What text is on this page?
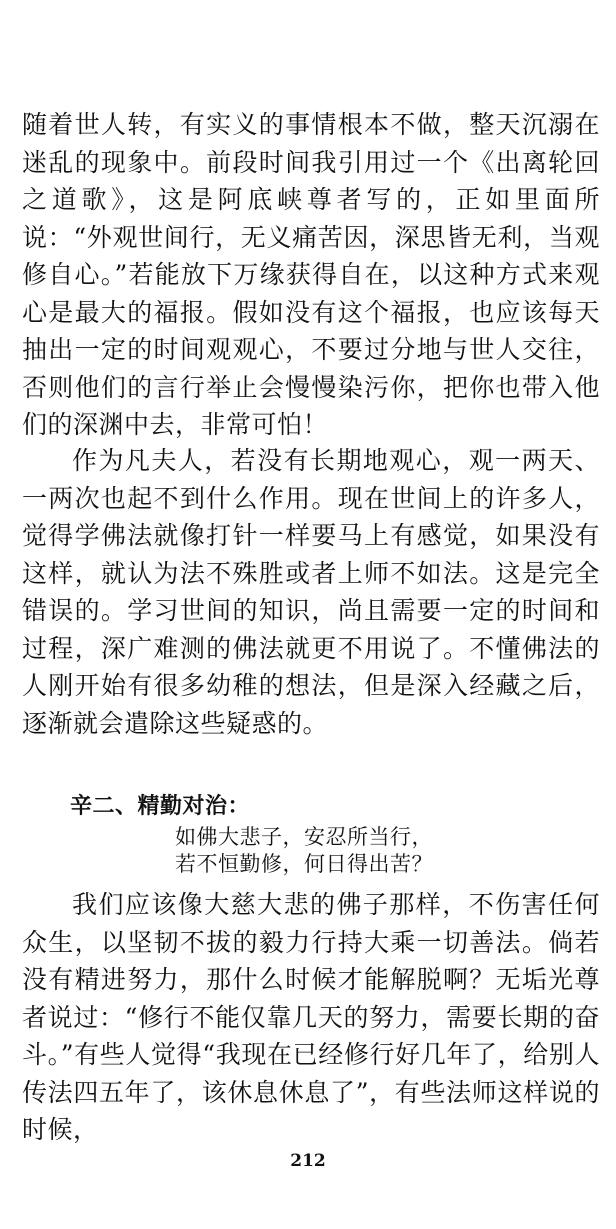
随着世人转，有实义的事情根本不做，整天沉溺在迷乱的现象中。前段时间我引用过一个《出离轮回之道歌》，这是阿底峡尊者写的，正如里面所说：“外观世间行，无义痛苦因，深思皆无利，当观修自心。”若能放下万缘获得自在，以这种方式来观心是最大的福报。假如没有这个福报，也应该每天抽出一定的时间观观心，不要过分地与世人交往，否则他们的言行举止会慢慢染污你，把你也带入他们的深渊中去，非常可怕！

作为凡夫人，若没有长期地观心，观一两天、一两次也起不到什么作用。现在世间上的许多人，觉得学佛法就像打针一样要马上有感觉，如果没有这样，就认为法不殊胜或者上师不如法。这是完全错误的。学习世间的知识，尚且需要一定的时间和过程，深广难测的佛法就更不用说了。不懂佛法的人刚开始有很多幼稚的想法，但是深入经藏之后，逐渐就会遣除这些疑惑的。

辛二、精勤对治：

如佛大悲子，安忍所当行，

若不恒勤修，何日得出苦？

我们应该像大慈大悲的佛子那样，不伤害任何众生，以坚韧不拔的毅力行持大乘一切善法。倘若没有精进努力，那什么时候才能解脱啊？无垢光尊者说过：“修行不能仅靠几天的努力，需要长期的奋斗。”有些人觉得“我现在已经修行好几年了，给别人传法四五年了，该休息休息了”，有些法师这样说的时候，

212
